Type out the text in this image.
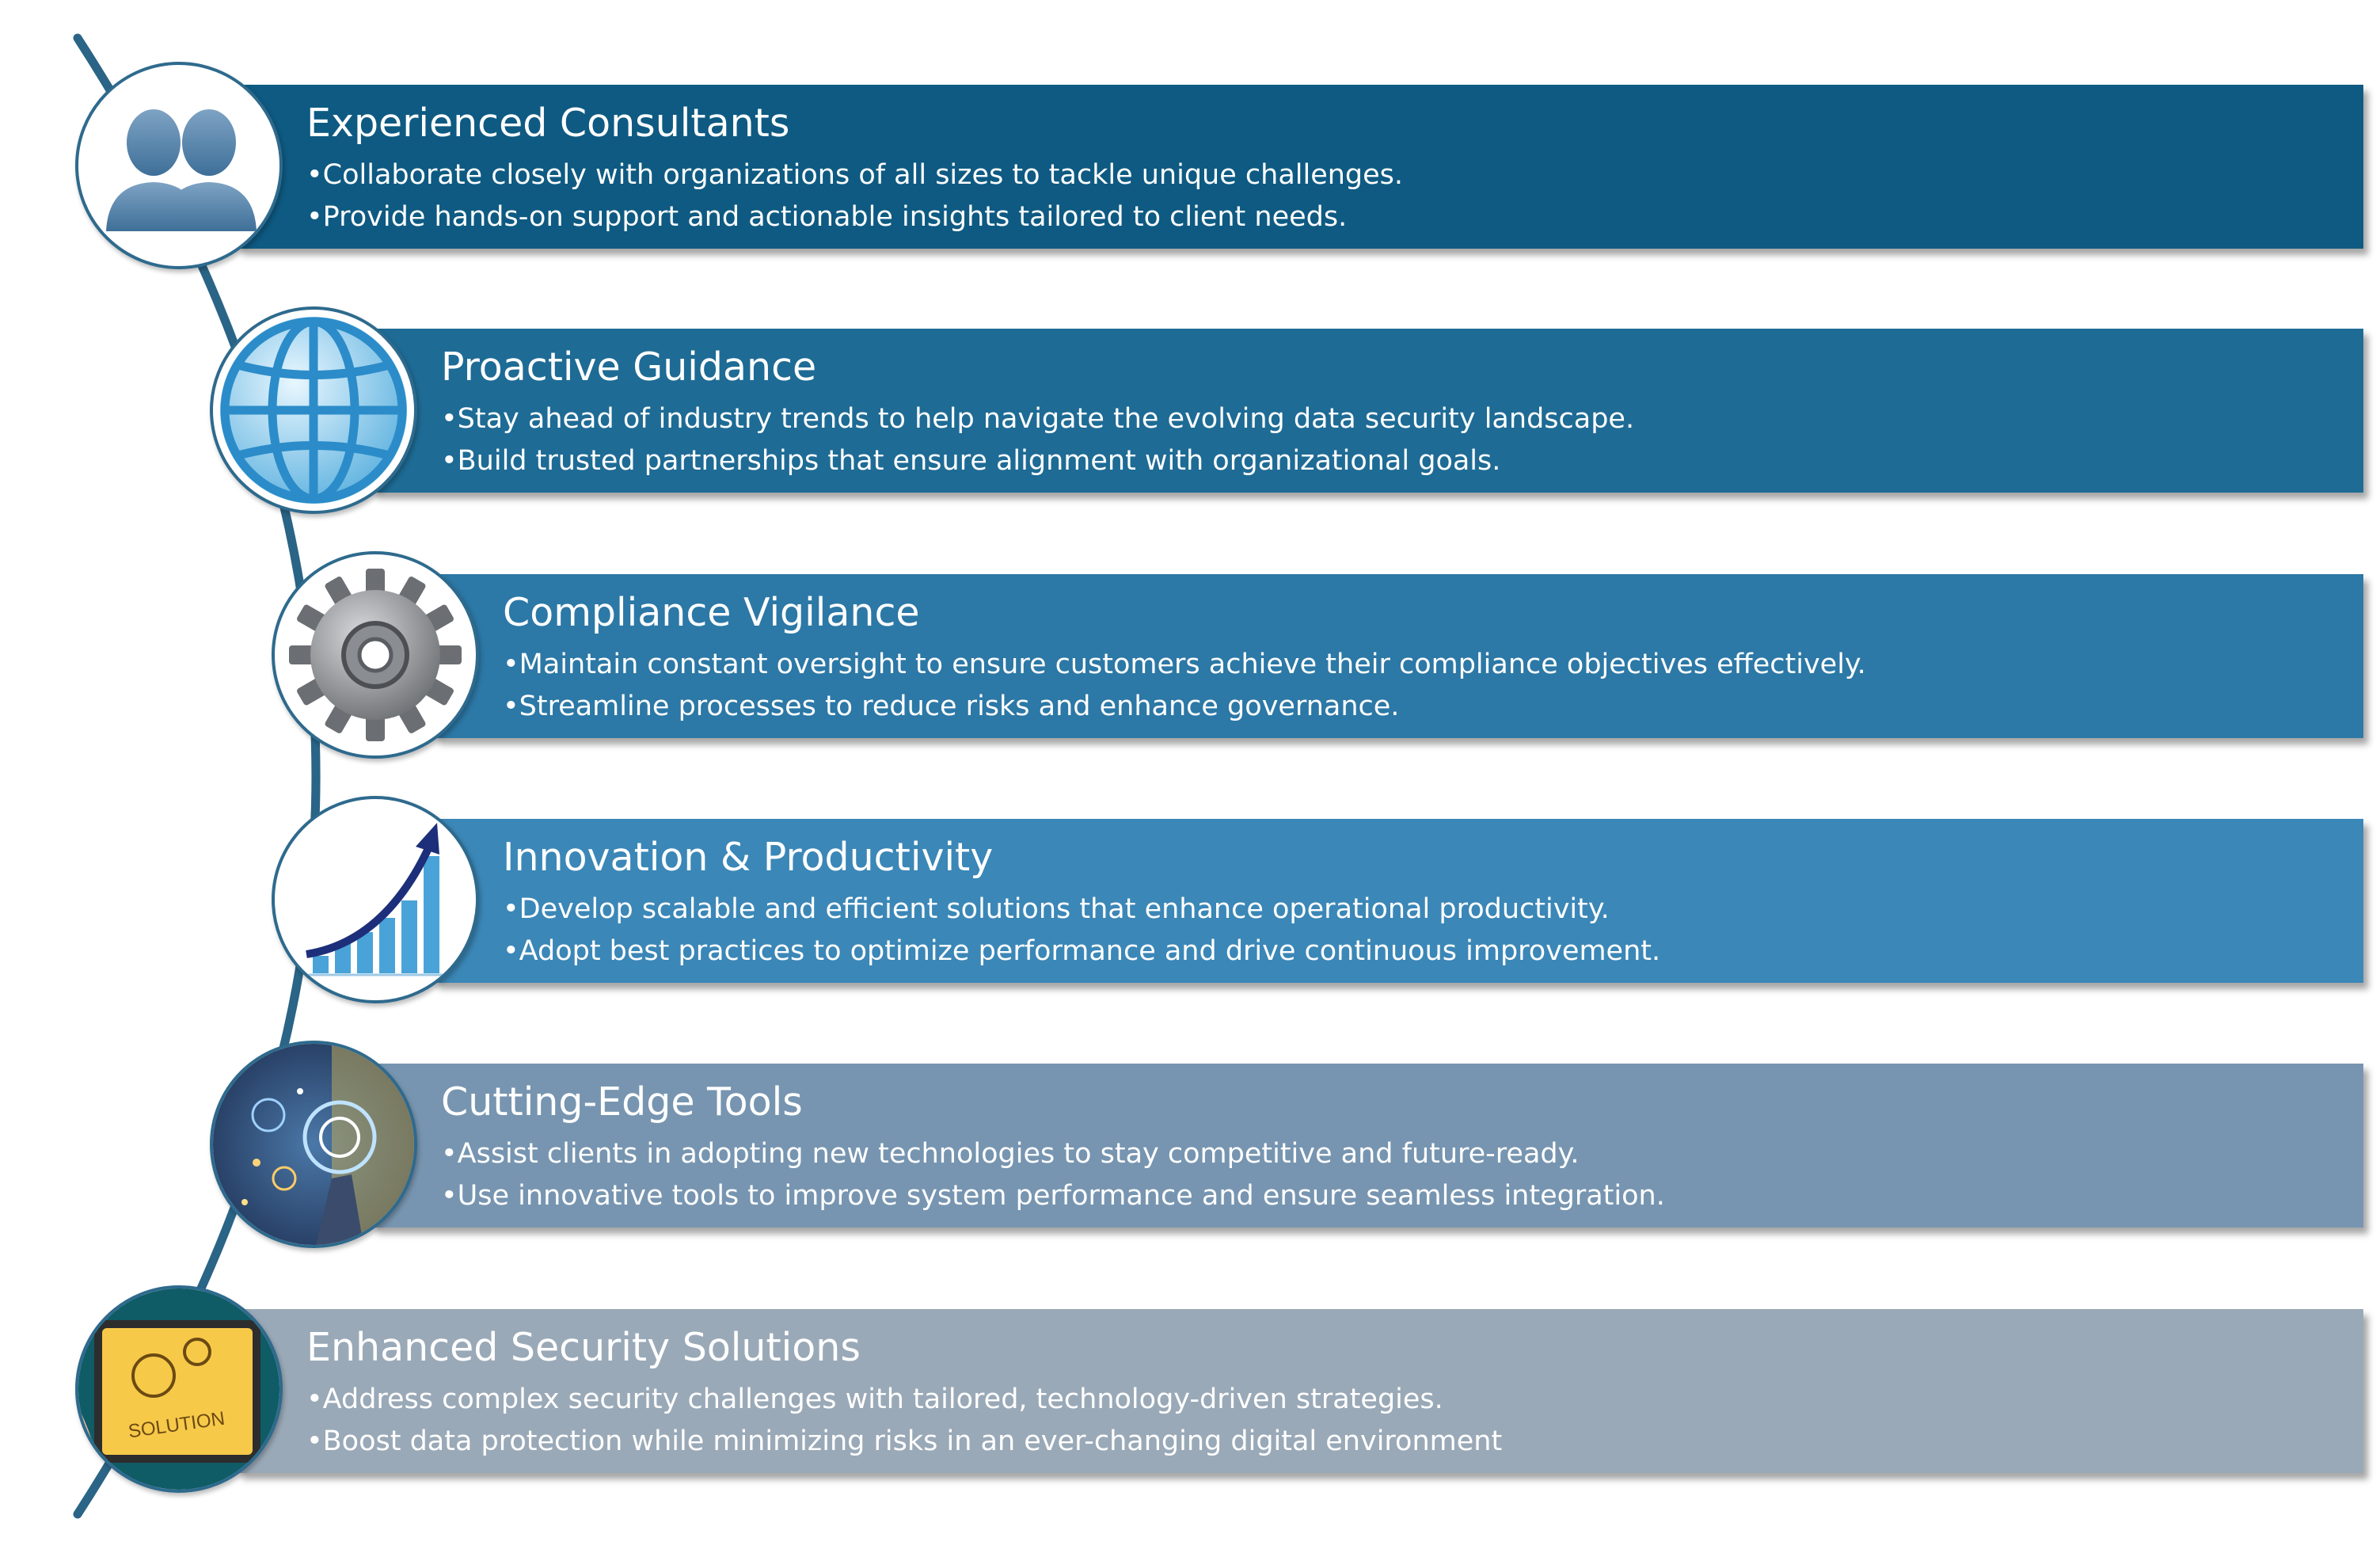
Experienced Consultants
•Collaborate closely with organizations of all sizes to tackle unique challenges.
•Provide hands-on support and actionable insights tailored to client needs.
Proactive Guidance
•Stay ahead of industry trends to help navigate the evolving data security landscape.
•Build trusted partnerships that ensure alignment with organizational goals.
Compliance Vigilance
•Maintain constant oversight to ensure customers achieve their compliance objectives effectively.
•Streamline processes to reduce risks and enhance governance.
Innovation & Productivity
•Develop scalable and efficient solutions that enhance operational productivity.
•Adopt best practices to optimize performance and drive continuous improvement.
Cutting-Edge Tools
•Assist clients in adopting new technologies to stay competitive and future-ready.
•Use innovative tools to improve system performance and ensure seamless integration.
Enhanced Security Solutions
•Address complex security challenges with tailored, technology-driven strategies.
•Boost data protection while minimizing risks in an ever-changing digital environment
SOLUTION
